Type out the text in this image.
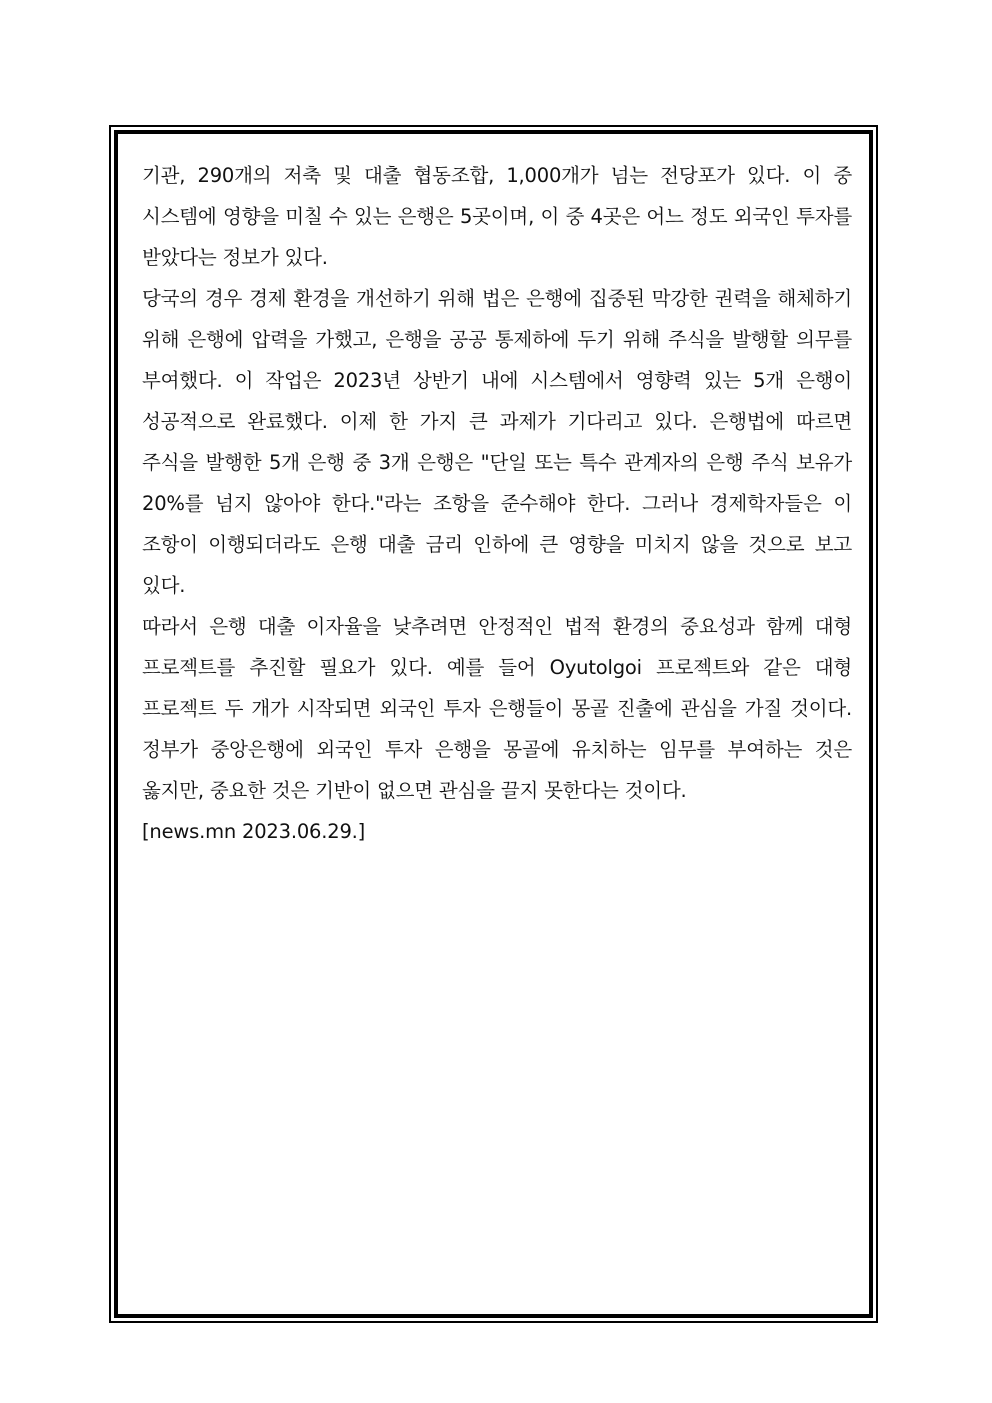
기관, 290개의 저축 및 대출 협동조합, 1,000개가 넘는 전당포가 있다. 이 중 시스템에 영향을 미칠 수 있는 은행은 5곳이며, 이 중 4곳은 어느 정도 외국인 투자를 받았다는 정보가 있다.

당국의 경우 경제 환경을 개선하기 위해 법은 은행에 집중된 막강한 권력을 해체하기 위해 은행에 압력을 가했고, 은행을 공공 통제하에 두기 위해 주식을 발행할 의무를 부여했다. 이 작업은 2023년 상반기 내에 시스템에서 영향력 있는 5개 은행이 성공적으로 완료했다. 이제 한 가지 큰 과제가 기다리고 있다. 은행법에 따르면 주식을 발행한 5개 은행 중 3개 은행은 "단일 또는 특수 관계자의 은행 주식 보유가 20%를 넘지 않아야 한다."라는 조항을 준수해야 한다. 그러나 경제학자들은 이 조항이 이행되더라도 은행 대출 금리 인하에 큰 영향을 미치지 않을 것으로 보고 있다.

따라서 은행 대출 이자율을 낮추려면 안정적인 법적 환경의 중요성과 함께 대형 프로젝트를 추진할 필요가 있다. 예를 들어 Oyutolgoi 프로젝트와 같은 대형 프로젝트 두 개가 시작되면 외국인 투자 은행들이 몽골 진출에 관심을 가질 것이다. 정부가 중앙은행에 외국인 투자 은행을 몽골에 유치하는 임무를 부여하는 것은 옳지만, 중요한 것은 기반이 없으면 관심을 끌지 못한다는 것이다.

[news.mn 2023.06.29.]
